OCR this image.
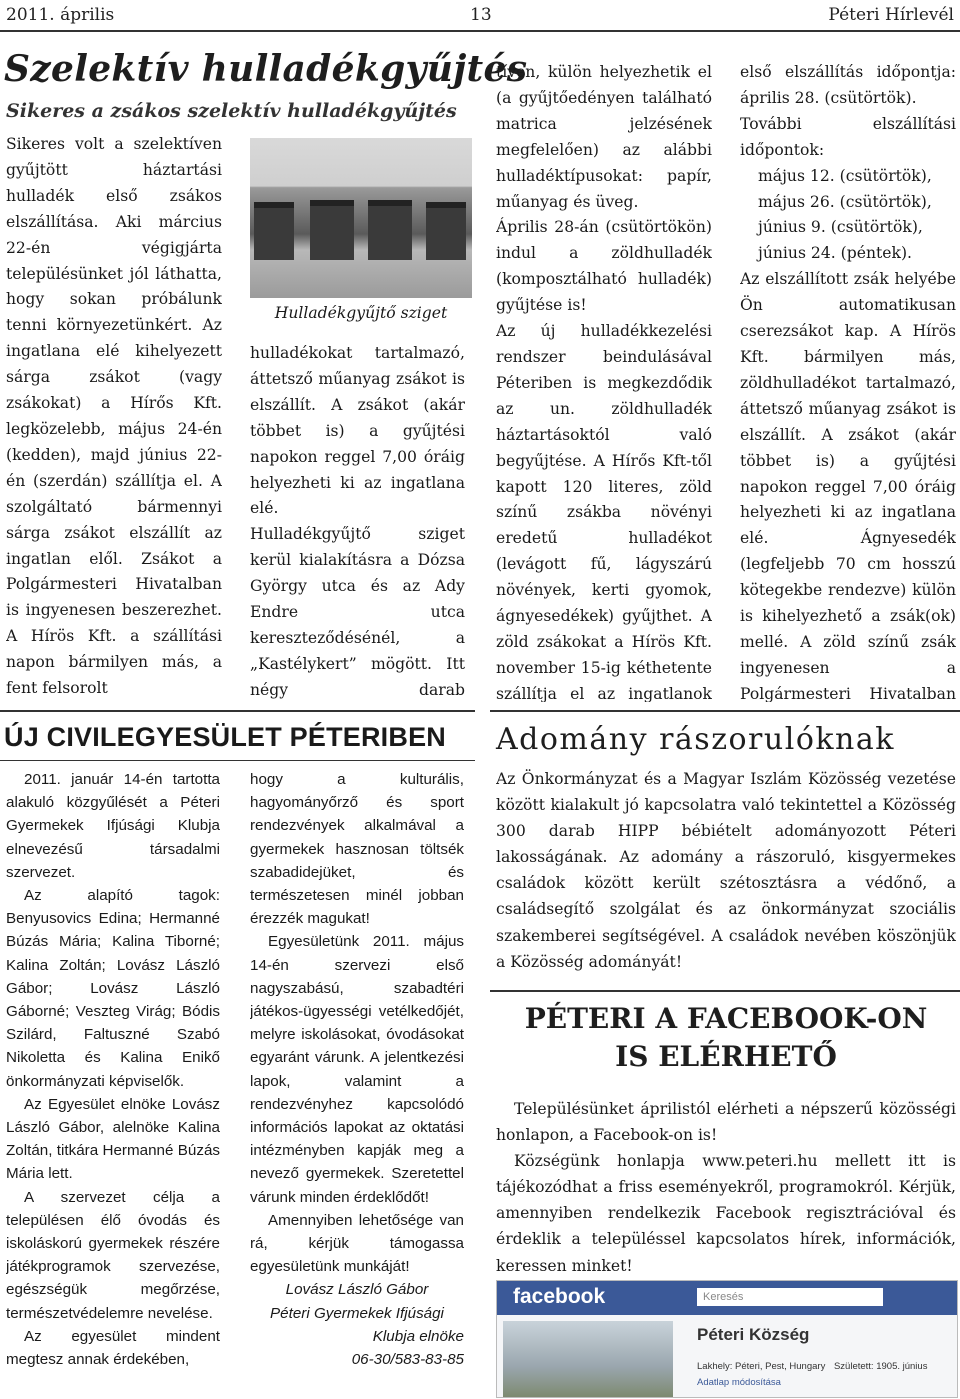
2011. április	13	Péteri Hírlevél
Szelektív hulladékgyűjtés
Sikeres a zsákos szelektív hulladékgyűjtés

Sikeres volt a szelektíven gyűjtött háztartási hulladék első zsákos elszállítása. Aki március 22-én végigjárta településünket jól láthatta, hogy sokan próbálunk tenni környezetünkért. Az ingatlana elé kihelyezett sárga zsákot (vagy zsákokat) a Hírős Kft. legközelebb, május 24-én (kedden), majd június 22-én (szerdán) szállítja el. A szolgáltató bármennyi sárga zsákot elszállít az ingatlan elől. Zsákot a Polgármesteri Hivatalban is ingyenesen beszerezhet. A Hírös Kft. a szállítási napon bármilyen más, a fent felsorolt

Hulladékgyűjtő sziget

hulladékokat tartalmazó, áttetsző műanyag zsákot is elszállít. A zsákot (akár többet is) a gyűjtési napokon reggel 7,00 óráig helyezheti ki az ingatlana elé.

Hulladékgyűjtő sziget kerül kialakításra a Dózsa György utca és az Ady Endre utca kereszteződésénél, a „Kastélykert” mögött. Itt négy darab

tíven, külön helyezhetik el (a gyűjtőedényen található matrica jelzésének megfelelően) az alábbi hulladéktípusokat: papír, műanyag és üveg.

Április 28-án (csütörtökön) indul a zöldhulladék (komposztálható hulladék) gyűjtése is!

Az új hulladékkezelési rendszer beindulásával Péteriben is megkezdődik az un. zöldhulladék háztartásoktól való begyűjtése. A Hírős Kft-től kapott 120 literes, zöld színű zsákba növényi eredetű hulladékot (levágott fű, lágyszárú növények, kerti gyomok, ágnyesedékek) gyűjthet. A zöld zsákokat a Hírös Kft. november 15-ig kéthetente szállítja el az ingatlanok

első elszállítás időpontja: április 28. (csütörtök).

További elszállítási időpontok:

május 12. (csütörtök),

május 26. (csütörtök),

június 9. (csütörtök),

június 24. (péntek).

Az elszállított zsák helyébe Ön automatikusan cserezsákot kap. A Hírös Kft. bármilyen más, zöldhulladékot tartalmazó, áttetsző műanyag zsákot is elszállít. A zsákot (akár többet is) a gyűjtési napokon reggel 7,00 óráig helyezheti ki az ingatlana elé. Ágnyesedék (legfeljebb 70 cm hosszú kötegekbe rendezve) külön is kihelyezhető a zsák(ok) mellé. A zöld színű zsák ingyenesen a Polgármesteri Hivatalban

ÚJ CIVILEGYESÜLET PÉTERIBEN

2011. január 14-én tartotta alakuló közgyűlését a Péteri Gyermekek Ifjúsági Klubja elnevezésű társadalmi szervezet.

Az alapító tagok: Benyusovics Edina; Hermanné Búzás Mária; Kalina Tiborné; Kalina Zoltán; Lovász László Gábor; Lovász László Gáborné; Veszteg Virág; Bódis Szilárd, Faltuszné Szabó Nikoletta és Kalina Enikő önkormányzati képviselők.

Az Egyesület elnöke Lovász László Gábor, alelnöke Kalina Zoltán, titkára Hermanné Búzás Mária lett.

A szervezet célja a településen élő óvodás és iskoláskorú gyermekek részére játékprogramok szervezése, egészségük megőrzése, természetvédelemre nevelése.

Az egyesület mindent megtesz annak érdekében,

hogy a kulturális, hagyományőrző és sport rendezvények alkalmával a gyermekek hasznosan töltsék szabadidejüket, és természetesen minél jobban érezzék magukat!

Egyesületünk 2011. május 14-én szervezi első nagyszabású, szabadtéri játékos-ügyességi vetélkedőjét, melyre iskolásokat, óvodásokat egyaránt várunk. A jelentkezési lapok, valamint a rendezvényhez kapcsolódó információs lapokat az oktatási intézményben kapják meg a nevező gyermekek. Szeretettel várunk minden érdeklődőt!

Amennyiben lehetősége van rá, kérjük támogassa egyesületünk munkáját!

Lovász László Gábor

Péteri Gyermekek Ifjúsági

Klubja elnöke

06-30/583-83-85

Adomány rászorulóknak

Az Önkormányzat és a Magyar Iszlám Közösség vezetése között kialakult jó kapcsolatra való tekintettel a Közösség 300 darab HIPP bébiételt adományozott Péteri lakosságának. Az adomány a rászoruló, kisgyermekes családok között került szétosztásra a védőnő, a családsegítő szolgálat és az önkormányzat szociális szakemberei segítségével. A családok nevében köszönjük a Közösség adományát!

PÉTERI A FACEBOOK-ON
IS ELÉRHETŐ

Településünket áprilistól elérheti a népszerű közösségi honlapon, a Facebook-on is!

Községünk honlapja www.peteri.hu mellett itt is tájékozódhat a friss eseményekről, programokról. Kérjük, amennyiben rendelkezik Facebook regisztrációval és érdeklik a településsel kapcsolatos hírek, információk, keressen minket!

facebook	Keresés
Péteri Község
Lakhely: Péteri, Pest, Hungary Született: 1905. június
Adatlap módosítása
